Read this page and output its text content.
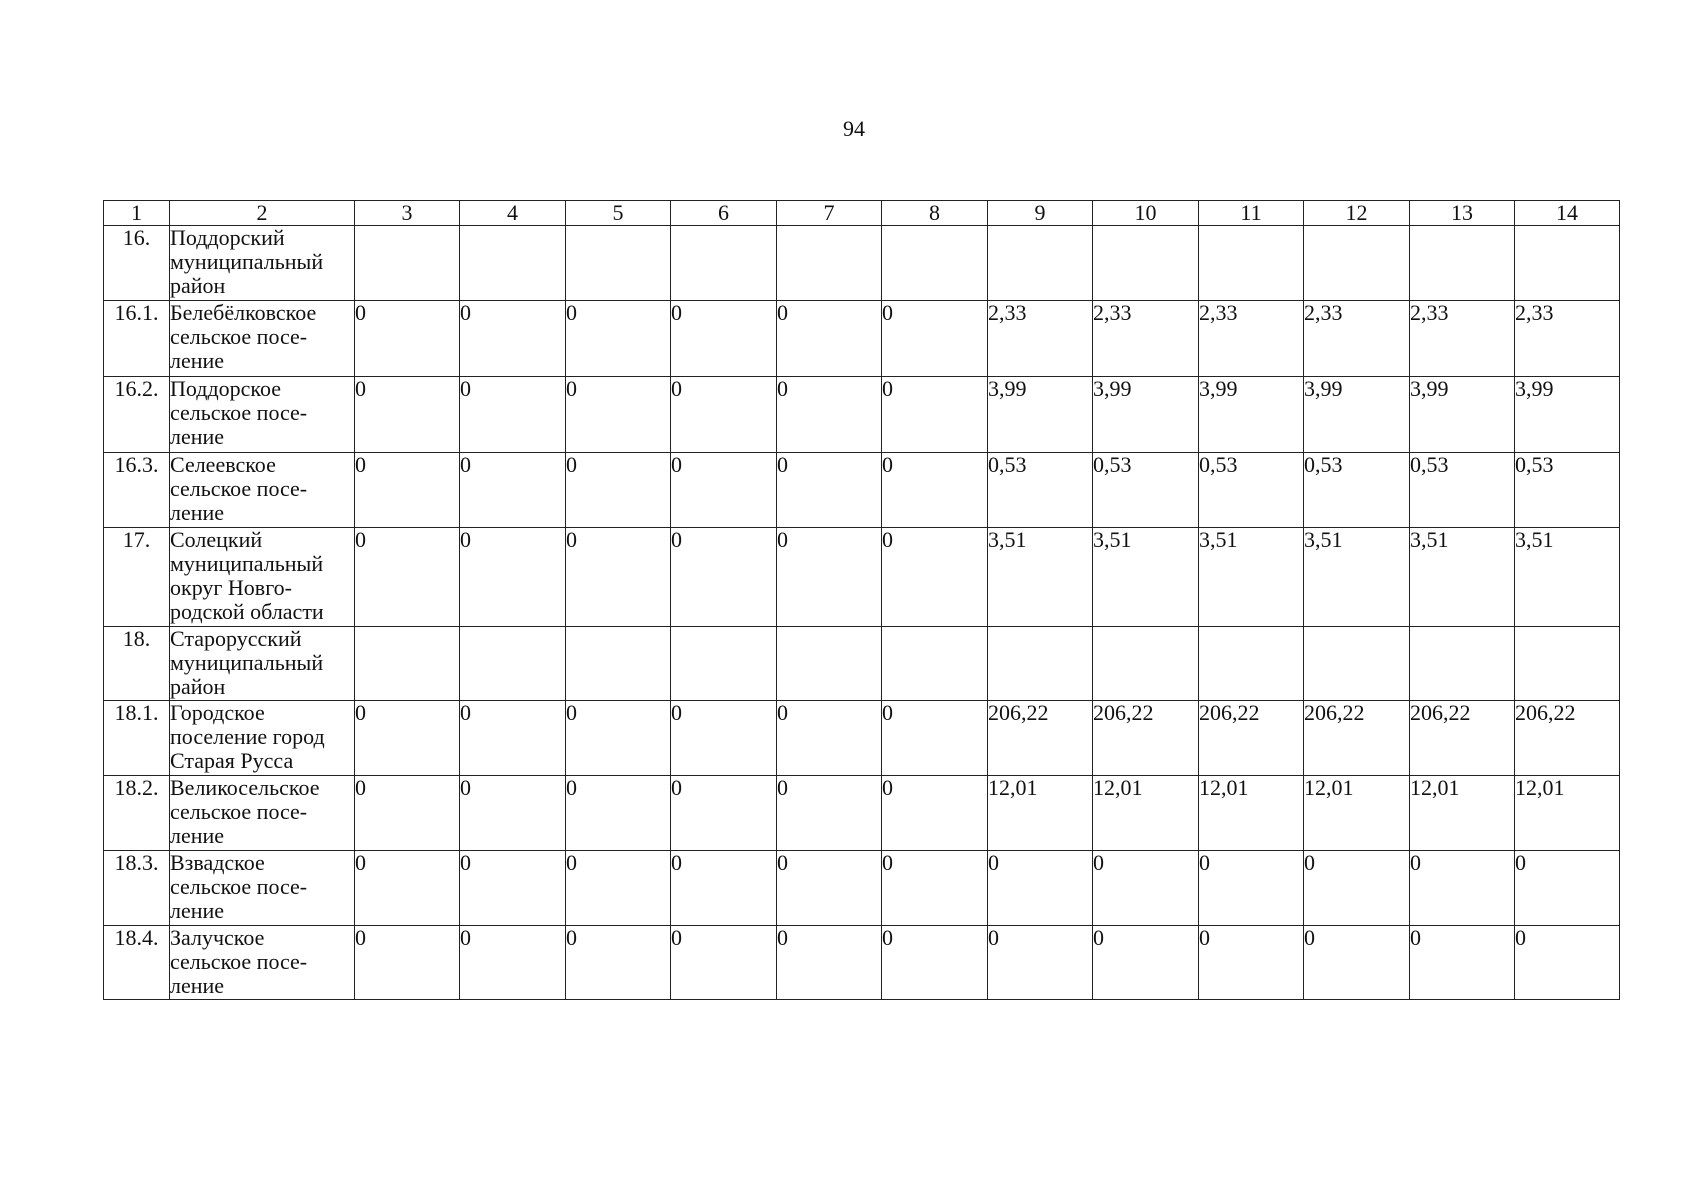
94
1	2	3	4	5	6	7	8	9	10	11	12	13	14
16.	Поддорский
муниципальный
район												

16.1.	Белебёлковское
сельское посе-
ление	0	0	0	0	0	0	2,33	2,33	2,33	2,33	2,33	2,33
16.2.	Поддорское
сельское посе-
ление	0	0	0	0	0	0	3,99	3,99	3,99	3,99	3,99	3,99
16.3.	Селеевское
сельское посе-
ление	0	0	0	0	0	0	0,53	0,53	0,53	0,53	0,53	0,53
17.	Солецкий
муниципальный
округ Новго-
родской области	0	0	0	0	0	0	3,51	3,51	3,51	3,51	3,51	3,51
18.	Старорусский
муниципальный
район												

18.1.	Городское
поселение город
Старая Русса	0	0	0	0	0	0	206,22	206,22	206,22	206,22	206,22	206,22
18.2.	Великосельское
сельское посе-
ление	0	0	0	0	0	0	12,01	12,01	12,01	12,01	12,01	12,01
18.3.	Взвадское
сельское посе-
ление	0	0	0	0	0	0	0	0	0	0	0	0
18.4.	Залучское
сельское посе-
ление	0	0	0	0	0	0	0	0	0	0	0	0
